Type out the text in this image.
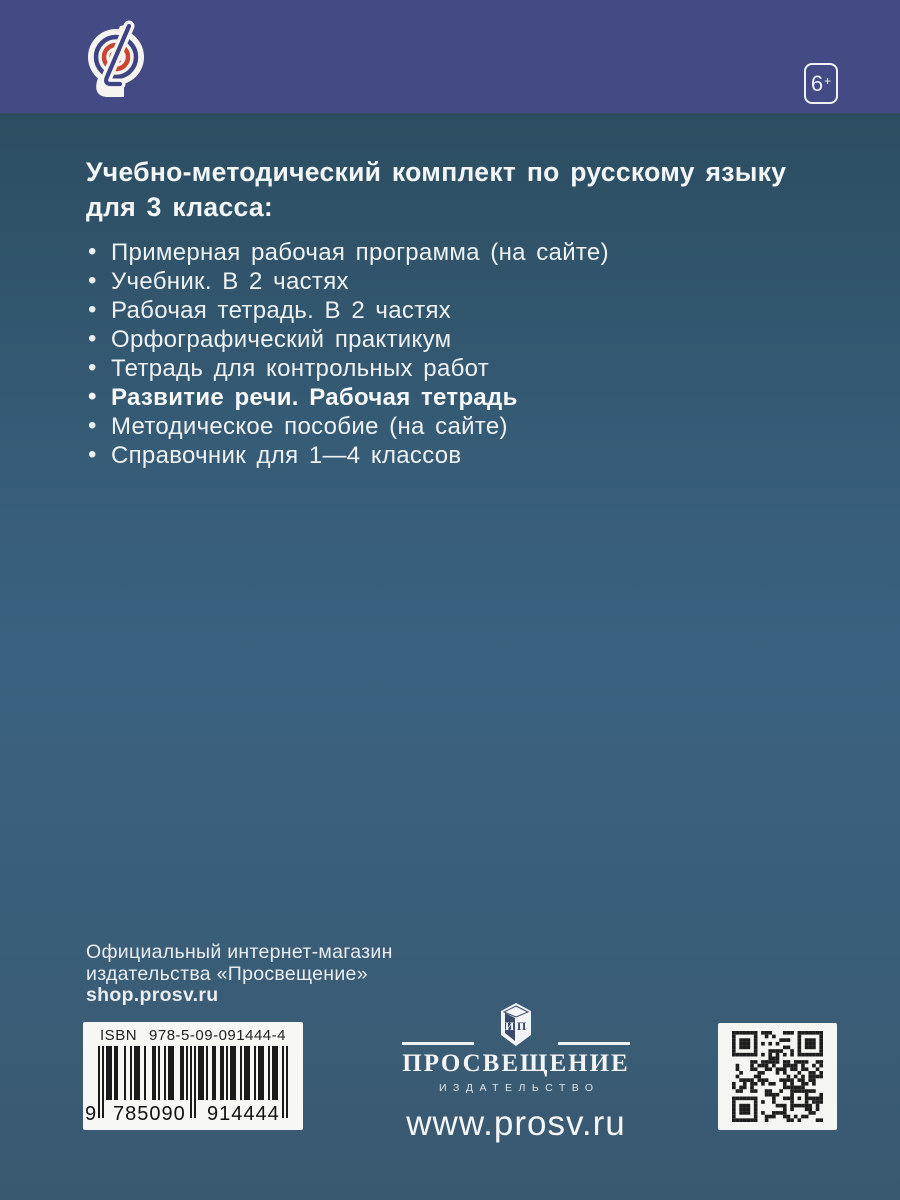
6 +
Учебно-методический комплект по русскому языку
для 3 класса:
• Примерная рабочая программа (на сайте)
• Учебник. В 2 частях
• Рабочая тетрадь. В 2 частях
• Орфографический практикум
• Тетрадь для контрольных работ
• Развитие речи. Рабочая тетрадь
• Методическое пособие (на сайте)
• Справочник для 1—4 классов
Официальный интернет-магазин
издательства «Просвещение»
shop.prosv.ru
ISBN 978-5-09-091444-4
9 785090 914444
И П
ПРОСВЕЩЕНИЕ
ИЗДАТЕЛЬСТВО
www.prosv.ru
